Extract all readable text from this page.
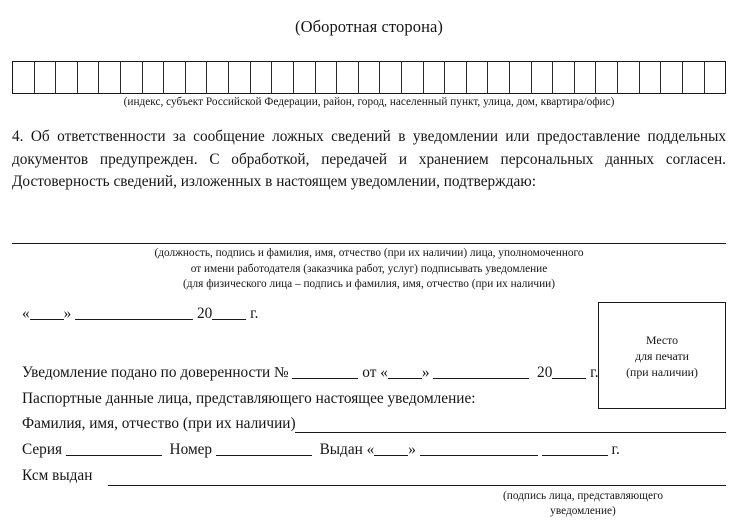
(Оборотная сторона)
(индекс, субъект Российской Федерации, район, город, населенный пункт, улица, дом, квартира/офис)
4. Об ответственности за сообщение ложных сведений в уведомлении или предоставление поддельных документов предупрежден. С обработкой, передачей и хранением персональных данных согласен. Достоверность сведений, изложенных в настоящем уведомлении, подтверждаю:
(должность, подпись и фамилия, имя, отчество (при их наличии) лица, уполномоченного
от имени работодателя (заказчика работ, услуг) подписывать уведомление
(для физического лица – подпись и фамилия, имя, отчество (при их наличии)
« »	20 г.
Место
для печати
(при наличии)
Уведомление подано по доверенности №	от « »	20 г.
Паспортные данные лица, представляющего настоящее уведомление:
Фамилия, имя, отчество (при их наличии)
Серия	Номер	Выдан « »	г.
Ксм выдан
(подпись лица, представляющего
уведомление)
